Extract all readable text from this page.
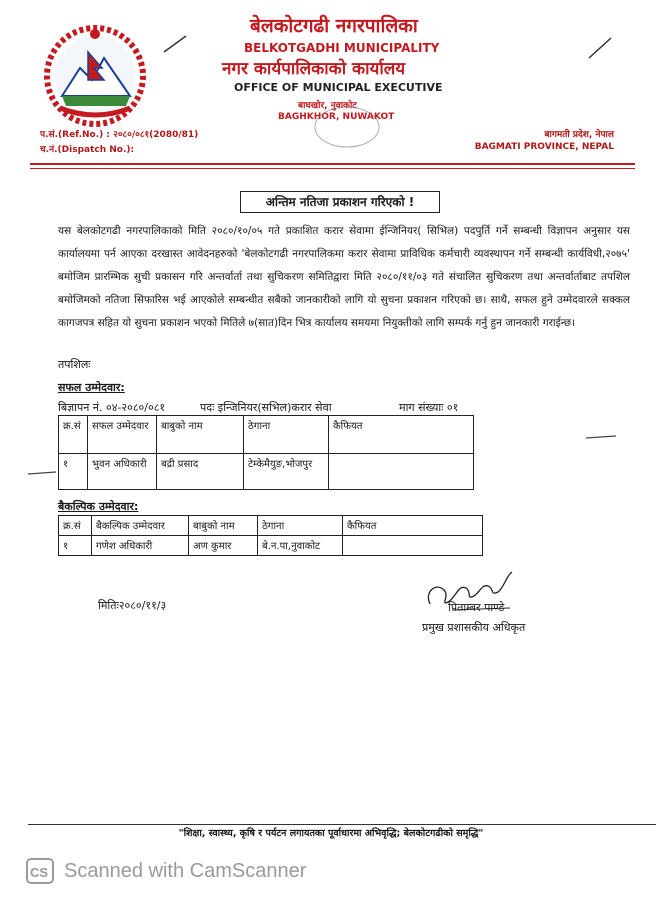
बेलकोटगढी नगरपालिका
BELKOTGADHI MUNICIPALITY
नगर कार्यपालिकाको कार्यालय
OFFICE OF MUNICIPAL EXECUTIVE
बाघखोर, नुवाकोट
BAGHKHOR, NUWAKOT
प.सं.(Ref.No.) : २०८०/०८१(2080/81)
च.नं.(Dispatch No.):
बागमती प्रदेश, नेपाल
BAGMATI PROVINCE, NEPAL
अन्तिम नतिजा प्रकाशन गरिएको !
यस बेलकोटगढी नगरपालिकाको मिति २०८०/१०/०५ गते प्रकाशित करार सेवामा ईन्जिनियर( सिभिल) पदपुर्ति गर्ने सम्बन्धी विज्ञापन अनुसार यस कार्यालयमा पर्न आएका दरखास्त आवेदनहरुको 'बेलकोटगढी नगरपालिकमा करार सेवामा प्राविधिक कर्मचारी व्यवस्थापन गर्ने सम्बन्धी कार्यविधी,२०७५' बमोजिम प्रारम्भिक सुची प्रकासन गरि अन्तर्वार्ता तथा सुचिकरण समितिद्वारा मिति २०८०/११/०३ गते संचालित सुचिकरण तथा अन्तर्वार्ताबाट तपशिल बमोजिमको नतिजा सिफारिस भई आएकोले सम्बन्धीत सबैको जानकारीको लागि यो सुचना प्रकाशन गरिएको छ। साथै, सफल हुने उम्मेदवारले सक्कल कागजपत्र सहित यो सुचना प्रकाशन भएको मितिले ७(सात)दिन भित्र कार्यालय समयमा नियुक्तीको लागि सम्पर्क गर्नु हुन जानकारी गराईन्छ।
तपशिलः
सफल उम्मेदवार:
बिज्ञापन नं. ०४-२०८०/०८१	पदः इन्जिनियर(सभिल)करार सेवा	माग संख्याः ०१
क्र.सं	सफल उम्मेदवार	बाबुको नाम	ठेगाना	कैफियत
१	भुवन अधिकारी	बद्री प्रसाद	टेम्केमैयुङ,भोजपुर	
बैकल्पिक उम्मेदवार:
क्र.सं	बैकल्पिक उम्मेदवार	बाबुको नाम	ठेगाना	कैफियत
१	गणेश अधिकारी	अण कुमार	बे.न.पा,नुवाकोट	
मितिः२०८०/११/३	पिताम्बर पाण्डे
प्रमुख प्रशासकीय अधिकृत
"शिक्षा, स्वास्थ्य, कृषि र पर्यटन लगायतका पूर्वाधारमा अभिवृद्धि; बेलकोटगढीको समृद्धि"
CS Scanned with CamScanner
